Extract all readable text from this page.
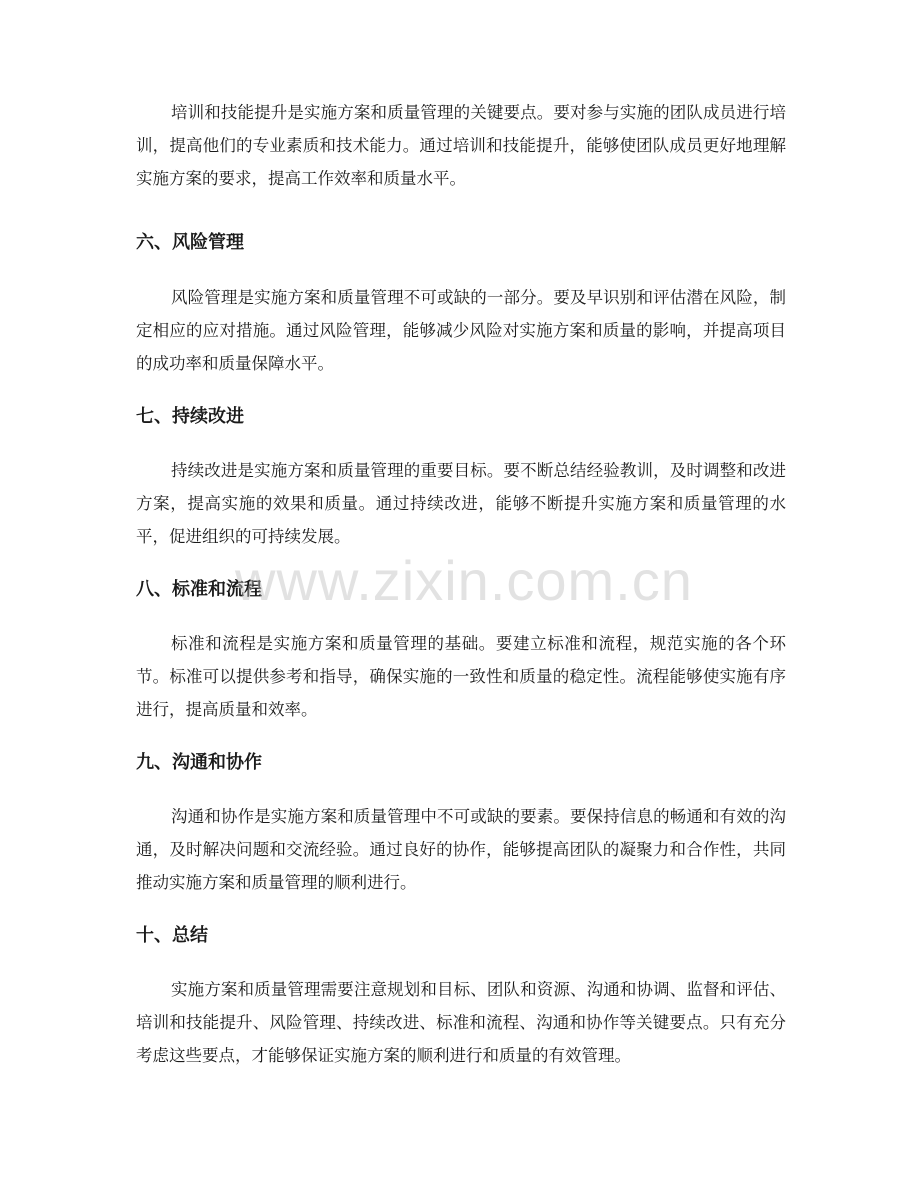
培训和技能提升是实施方案和质量管理的关键要点。要对参与实施的团队成员进行培训，提高他们的专业素质和技术能力。通过培训和技能提升，能够使团队成员更好地理解实施方案的要求，提高工作效率和质量水平。

六、风险管理

风险管理是实施方案和质量管理不可或缺的一部分。要及早识别和评估潜在风险，制定相应的应对措施。通过风险管理，能够减少风险对实施方案和质量的影响，并提高项目的成功率和质量保障水平。

七、持续改进

持续改进是实施方案和质量管理的重要目标。要不断总结经验教训，及时调整和改进方案，提高实施的效果和质量。通过持续改进，能够不断提升实施方案和质量管理的水平，促进组织的可持续发展。

八、标准和流程

标准和流程是实施方案和质量管理的基础。要建立标准和流程，规范实施的各个环节。标准可以提供参考和指导，确保实施的一致性和质量的稳定性。流程能够使实施有序进行，提高质量和效率。

九、沟通和协作

沟通和协作是实施方案和质量管理中不可或缺的要素。要保持信息的畅通和有效的沟通，及时解决问题和交流经验。通过良好的协作，能够提高团队的凝聚力和合作性，共同推动实施方案和质量管理的顺利进行。

十、总结

实施方案和质量管理需要注意规划和目标、团队和资源、沟通和协调、监督和评估、培训和技能提升、风险管理、持续改进、标准和流程、沟通和协作等关键要点。只有充分考虑这些要点，才能够保证实施方案的顺利进行和质量的有效管理。

www.zixin.com.cn
